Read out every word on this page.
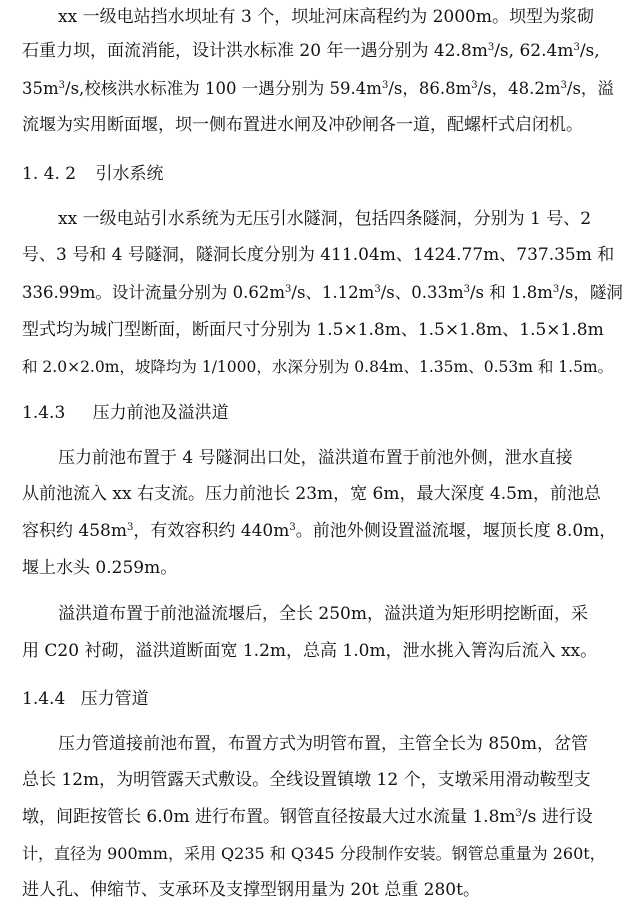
xx 一级电站挡水坝址有 3 个，坝址河床高程约为 2000m。坝型为浆砌
石重力坝，面流消能，设计洪水标准 20 年一遇分别为 $42.8m^3/s$, $62.4m^3/s$,
$35m^3/s$,校核洪水标准为 100 一遇分别为 $59.4m^3/s$，$86.8m^3/s$，$48.2m^3/s$，溢
流堰为实用断面堰，坝一侧布置进水闸及冲砂闸各一道，配螺杆式启闭机。
1. 4. 2 引水系统
xx 一级电站引水系统为无压引水隧洞，包括四条隧洞，分别为 1 号、2
号、3 号和 4 号隧洞，隧洞长度分别为 411.04m、1424.77m、737.35m 和
336.99m。设计流量分别为 $0.62m^3/s$、$1.12m^3/s$、$0.33m^3/s$ 和 $1.8m^3/s$，隧洞
型式均为城门型断面，断面尺寸分别为 1.5×1.8m、1.5×1.8m、1.5×1.8m
和 2.0×2.0m，坡降均为 1/1000，水深分别为 0.84m、1.35m、0.53m 和 1.5m。
1.4.3 压力前池及溢洪道
压力前池布置于 4 号隧洞出口处，溢洪道布置于前池外侧，泄水直接
从前池流入 xx 右支流。压力前池长 23m，宽 6m，最大深度 4.5m，前池总
容积约 $458m^3$，有效容积约 $440m^3$。前池外侧设置溢流堰，堰顶长度 8.0m，
堰上水头 0.259m。
溢洪道布置于前池溢流堰后，全长 250m，溢洪道为矩形明挖断面，采
用 C20 衬砌，溢洪道断面宽 1.2m，总高 1.0m，泄水挑入箐沟后流入 xx。
1.4.4 压力管道
压力管道接前池布置，布置方式为明管布置，主管全长为 850m，岔管
总长 12m，为明管露天式敷设。全线设置镇墩 12 个，支墩采用滑动鞍型支
墩，间距按管长 6.0m 进行布置。钢管直径按最大过水流量 $1.8m^3/s$ 进行设
计，直径为 900mm，采用 Q235 和 Q345 分段制作安装。钢管总重量为 260t，
进人孔、伸缩节、支承环及支撑型钢用量为 20t 总重 280t。
